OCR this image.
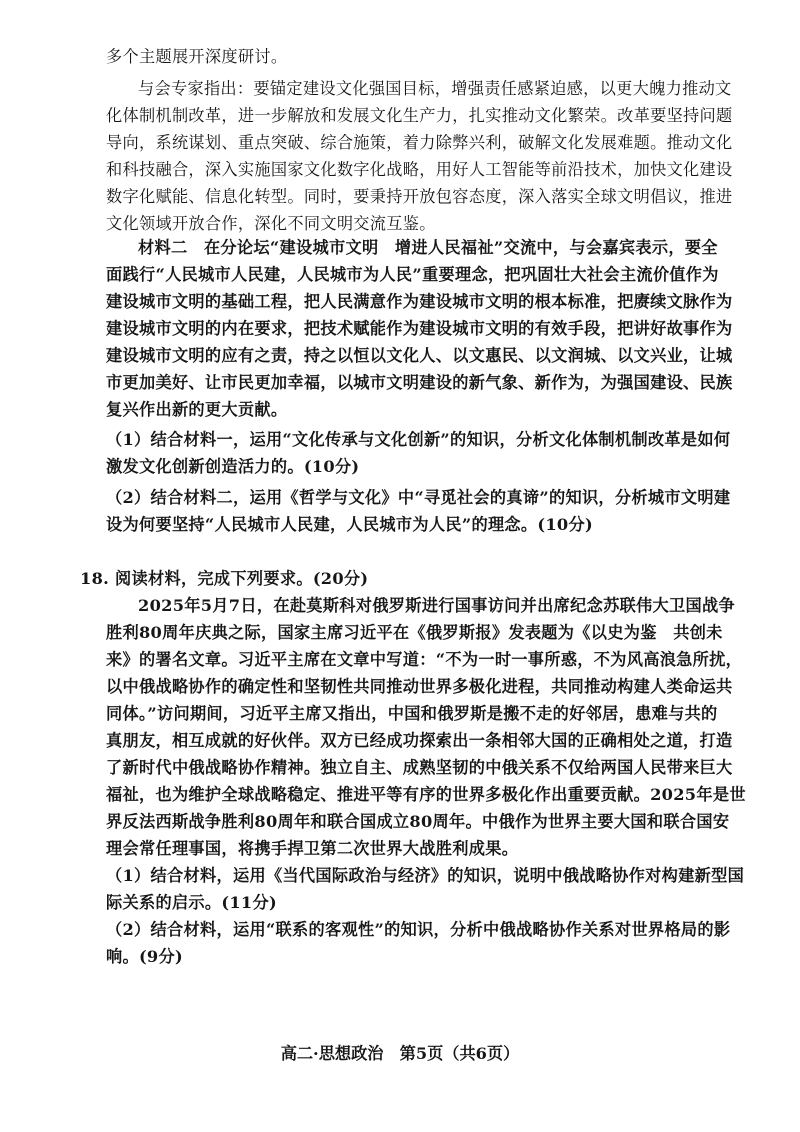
多个主题展开深度研讨。
与会专家指出：要锚定建设文化强国目标，增强责任感紧迫感，以更大魄力推动文
化体制机制改革，进一步解放和发展文化生产力，扎实推动文化繁荣。改革要坚持问题
导向，系统谋划、重点突破、综合施策，着力除弊兴利，破解文化发展难题。推动文化
和科技融合，深入实施国家文化数字化战略，用好人工智能等前沿技术，加快文化建设
数字化赋能、信息化转型。同时，要秉持开放包容态度，深入落实全球文明倡议，推进
文化领域开放合作，深化不同文明交流互鉴。
材料二　在分论坛“建设城市文明　增进人民福祉”交流中，与会嘉宾表示，要全
面践行“人民城市人民建，人民城市为人民”重要理念，把巩固壮大社会主流价值作为
建设城市文明的基础工程，把人民满意作为建设城市文明的根本标准，把赓续文脉作为
建设城市文明的内在要求，把技术赋能作为建设城市文明的有效手段，把讲好故事作为
建设城市文明的应有之责，持之以恒以文化人、以文惠民、以文润城、以文兴业，让城
市更加美好、让市民更加幸福，以城市文明建设的新气象、新作为，为强国建设、民族
复兴作出新的更大贡献。
（1）结合材料一，运用“文化传承与文化创新”的知识，分析文化体制机制改革是如何
激发文化创新创造活力的。(10分)
（2）结合材料二，运用《哲学与文化》中“寻觅社会的真谛”的知识，分析城市文明建
设为何要坚持“人民城市人民建，人民城市为人民”的理念。(10分)
18. 阅读材料，完成下列要求。(20分)
2025年5月7日，在赴莫斯科对俄罗斯进行国事访问并出席纪念苏联伟大卫国战争
胜利80周年庆典之际，国家主席习近平在《俄罗斯报》发表题为《以史为鉴　共创未
来》的署名文章。习近平主席在文章中写道：“不为一时一事所惑，不为风高浪急所扰，
以中俄战略协作的确定性和坚韧性共同推动世界多极化进程，共同推动构建人类命运共
同体。”访问期间，习近平主席又指出，中国和俄罗斯是搬不走的好邻居，患难与共的
真朋友，相互成就的好伙伴。双方已经成功探索出一条相邻大国的正确相处之道，打造
了新时代中俄战略协作精神。独立自主、成熟坚韧的中俄关系不仅给两国人民带来巨大
福祉，也为维护全球战略稳定、推进平等有序的世界多极化作出重要贡献。2025年是世
界反法西斯战争胜利80周年和联合国成立80周年。中俄作为世界主要大国和联合国安
理会常任理事国，将携手捍卫第二次世界大战胜利成果。
（1）结合材料，运用《当代国际政治与经济》的知识，说明中俄战略协作对构建新型国
际关系的启示。(11分)
（2）结合材料，运用“联系的客观性”的知识，分析中俄战略协作关系对世界格局的影
响。(9分)
高二·思想政治　第5页（共6页）
